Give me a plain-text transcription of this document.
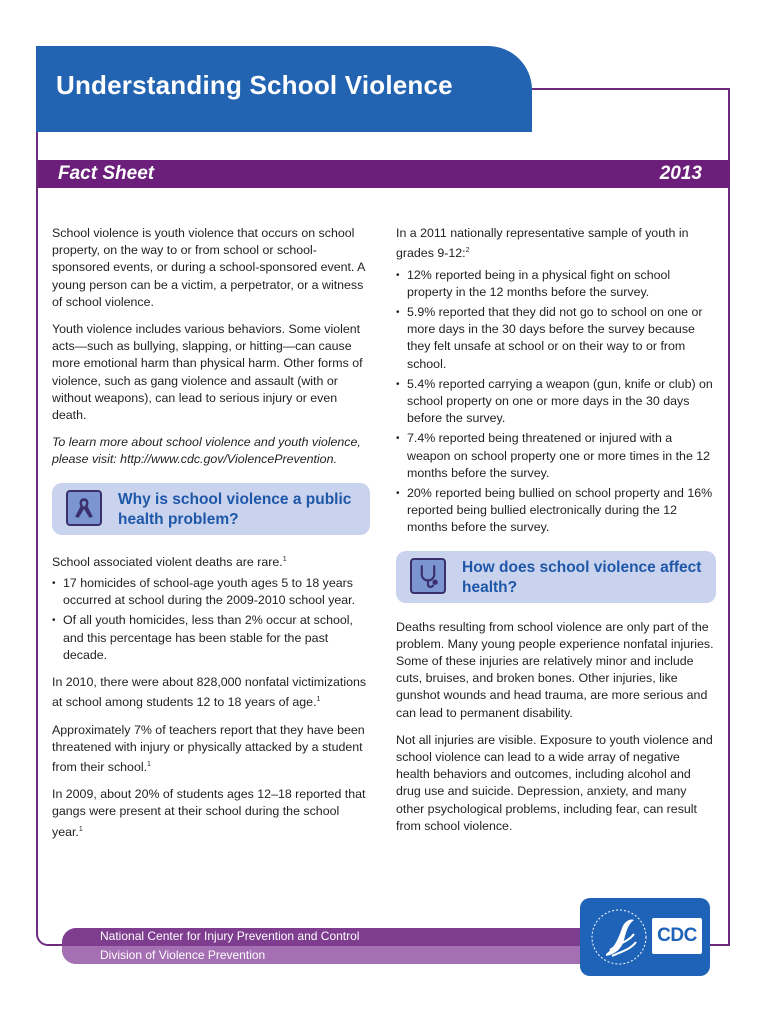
Understanding School Violence
Fact Sheet	2013

School violence is youth violence that occurs on school property, on the way to or from school or school-sponsored events, or during a school-sponsored event. A young person can be a victim, a perpetrator, or a witness of school violence.

Youth violence includes various behaviors. Some violent acts—such as bullying, slapping, or hitting—can cause more emotional harm than physical harm. Other forms of violence, such as gang violence and assault (with or without weapons), can lead to serious injury or even death.

To learn more about school violence and youth violence, please visit: http://www.cdc.gov/ViolencePrevention.

Why is school violence a public health problem?

School associated violent deaths are rare.$^1$

• 17 homicides of school-age youth ages 5 to 18 years occurred at school during the 2009-2010 school year.
• Of all youth homicides, less than 2% occur at school, and this percentage has been stable for the past decade.

In 2010, there were about 828,000 nonfatal victimizations at school among students 12 to 18 years of age.$^1$

Approximately 7% of teachers report that they have been threatened with injury or physically attacked by a student from their school.$^1$

In 2009, about 20% of students ages 12–18 reported that gangs were present at their school during the school year.$^1$

In a 2011 nationally representative sample of youth in grades 9-12:$^2$

• 12% reported being in a physical fight on school property in the 12 months before the survey.
• 5.9% reported that they did not go to school on one or more days in the 30 days before the survey because they felt unsafe at school or on their way to or from school.
• 5.4% reported carrying a weapon (gun, knife or club) on school property on one or more days in the 30 days before the survey.
• 7.4% reported being threatened or injured with a weapon on school property one or more times in the 12 months before the survey.
• 20% reported being bullied on school property and 16% reported being bullied electronically during the 12 months before the survey.
How does school violence affect health?

Deaths resulting from school violence are only part of the problem. Many young people experience nonfatal injuries. Some of these injuries are relatively minor and include cuts, bruises, and broken bones. Other injuries, like gunshot wounds and head trauma, are more serious and can lead to permanent disability.

Not all injuries are visible. Exposure to youth violence and school violence can lead to a wide array of negative health behaviors and outcomes, including alcohol and drug use and suicide. Depression, anxiety, and many other psychological problems, including fear, can result from school violence.

National Center for Injury Prevention and Control
Division of Violence Prevention
CDC
